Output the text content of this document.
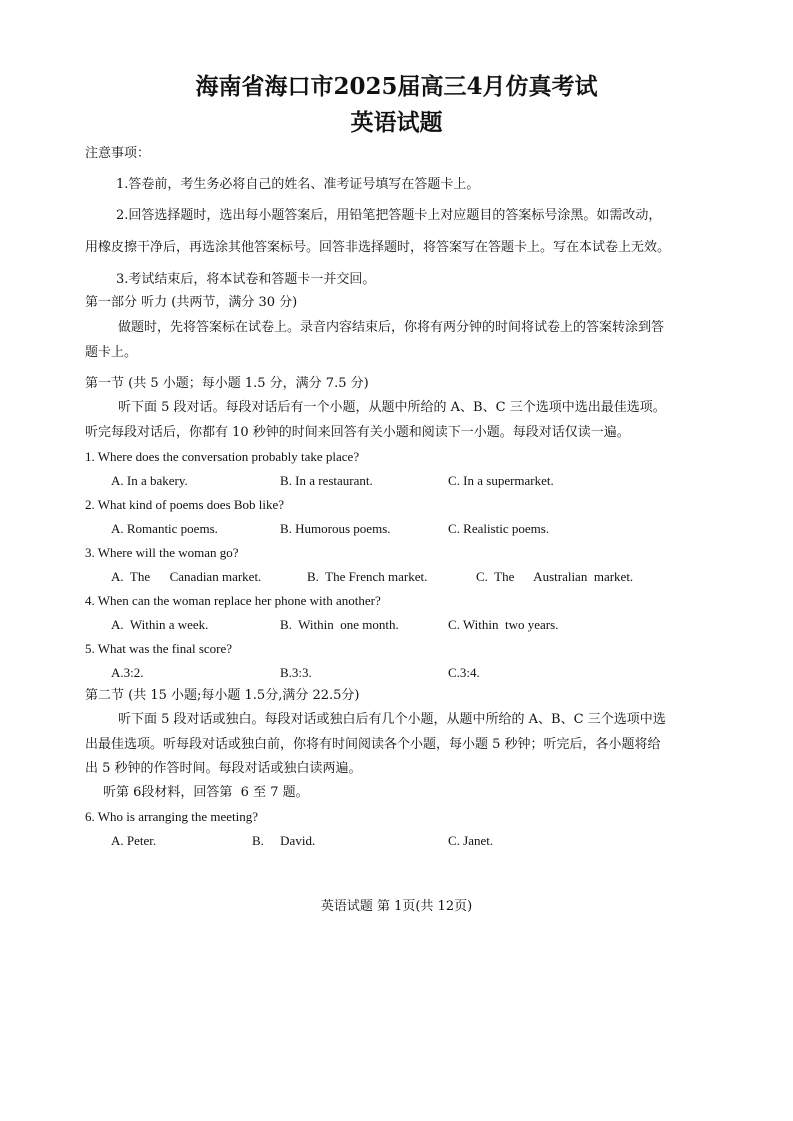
海南省海口市2025届高三4月仿真考试
英语试题
注意事项：
1.答卷前，考生务必将自己的姓名、准考证号填写在答题卡上。
2.回答选择题时，选出每小题答案后，用铅笔把答题卡上对应题目的答案标号涂黑。如需改动，
用橡皮擦干净后，再选涂其他答案标号。回答非选择题时，将答案写在答题卡上。写在本试卷上无效。
3.考试结束后，将本试卷和答题卡一并交回。
第一部分 听力 (共两节，满分 30 分)
做题时，先将答案标在试卷上。录音内容结束后，你将有两分钟的时间将试卷上的答案转涂到答
题卡上。
第一节 (共 5 小题；每小题 1.5 分，满分 7.5 分)
听下面 5 段对话。每段对话后有一个小题，从题中所给的 A、B、C 三个选项中选出最佳选项。
听完每段对话后，你都有 10 秒钟的时间来回答有关小题和阅读下一小题。每段对话仅读一遍。
1. Where does the conversation probably take place?
A. In a bakery.	B. In a restaurant.	C. In a supermarket.
2. What kind of poems does Bob like?
A. Romantic poems.	B. Humorous poems.	C. Realistic poems.
3. Where will the woman go?
A.  The      Canadian market.	B.  The French market.	C.  The      Australian  market.
4. When can the woman replace her phone with another?
A.  Within a week.	B.  Within  one month.	C. Within  two years.
5. What was the final score?
A.3:2.	B.3:3.	C.3:4.
第二节 (共 15 小题;每小题 1.5分,满分 22.5分)
听下面 5 段对话或独白。每段对话或独白后有几个小题，从题中所给的 A、B、C 三个选项中选
出最佳选项。听每段对话或独白前，你将有时间阅读各个小题，每小题 5 秒钟；听完后，各小题将给
出 5 秒钟的作答时间。每段对话或独白读两遍。
听第 6段材料，回答第  6 至 7 题。
6. Who is arranging the meeting?
A. Peter.	B.     David.	C. Janet.
英语试题 第 1页(共 12页)
